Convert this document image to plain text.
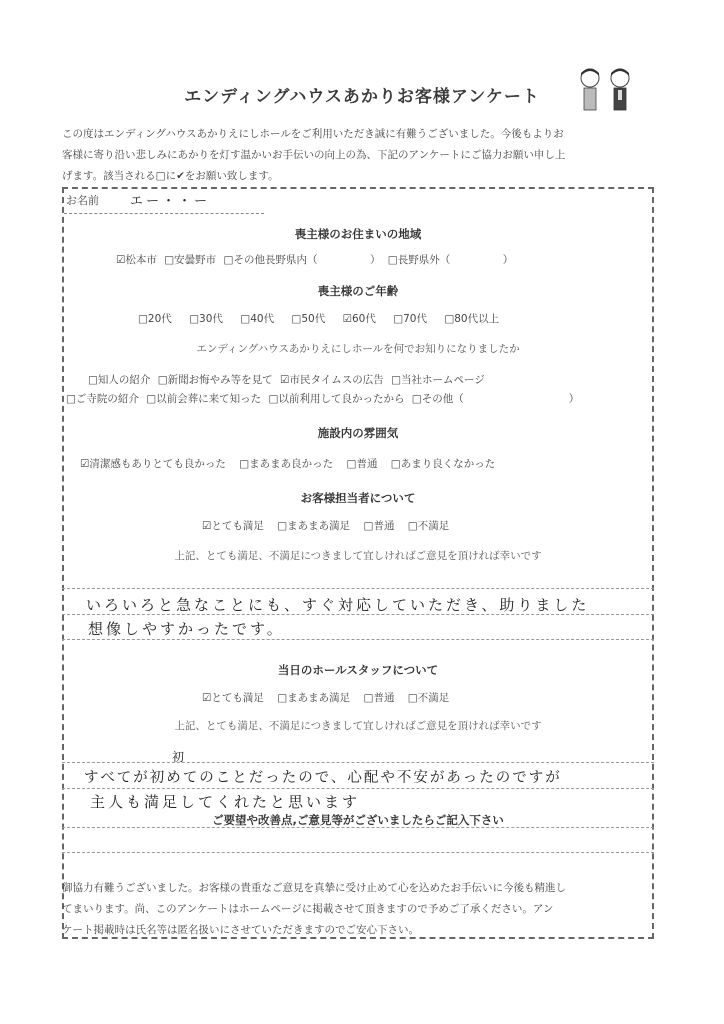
エンディングハウスあかりお客様アンケート
この度はエンディングハウスあかりえにしホールをご利用いただき誠に有難うございました。今後もよりお
客様に寄り沿い悲しみにあかりを灯す温かいお手伝いの向上の為、下記のアンケートにご協力お願い申し上
げます。該当される□に✔をお願い致します。
お名前 エー・・ー
喪主様のお住まいの地域
☑松本市 □安曇野市 □その他長野県内（　　　　　） □長野県外（　　　　　）
喪主様のご年齢
□20代 □30代 □40代 □50代 ☑60代 □70代 □80代以上
エンディングハウスあかりえにしホールを何でお知りになりましたか
□知人の紹介 □新聞お悔やみ等を見て ☑市民タイムスの広告 □当社ホームページ
□ご寺院の紹介 □以前会葬に来て知った □以前利用して良かったから □その他（　　　　　　　　　　）
施設内の雰囲気
☑清潔感もありとても良かった □まあまあ良かった □普通 □あまり良くなかった
お客様担当者について
☑とても満足 □まあまあ満足 □普通 □不満足
上記、とても満足、不満足につきまして宜しければご意見を頂ければ幸いです
いろいろと急なことにも、すぐ対応していただき、助りました
想像しやすかったです。
当日のホールスタッフについて
☑とても満足 □まあまあ満足 □普通 □不満足
上記、とても満足、不満足につきまして宜しければご意見を頂ければ幸いです
初
すべてが初めてのことだったので、心配や不安があったのですが
主人も満足してくれたと思います
ご要望や改善点,ご意見等がございましたらご記入下さい
御協力有難うございました。お客様の貴重なご意見を真摯に受け止めて心を込めたお手伝いに今後も精進し
てまいります。尚、このアンケートはホームページに掲載させて頂きますので予めご了承ください。アン
ケート掲載時は氏名等は匿名扱いにさせていただきますのでご安心下さい。
